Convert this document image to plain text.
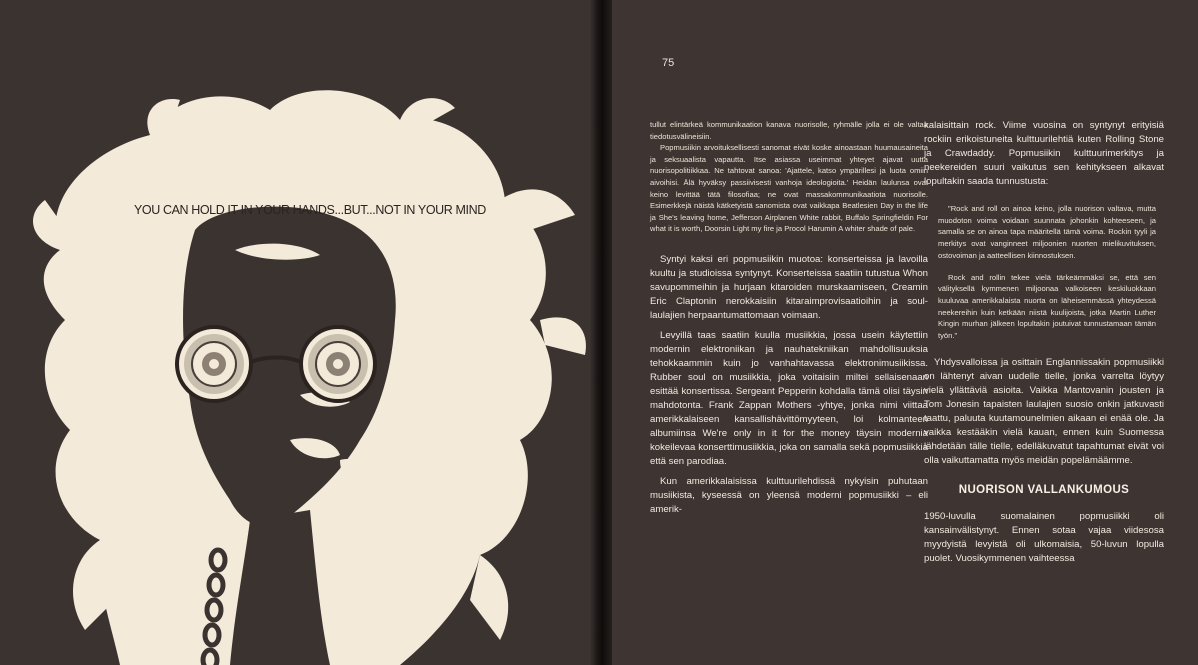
YOU CAN HOLD IT IN YOUR HANDS...BUT...NOT IN YOUR MIND
75

tullut elintärkeä kommunikaation kanava nuorisolle, ryhmälle jolla ei ole valtaa tiedotusvälineisiin.

Popmusiikin arvoituksellisesti sanomat eivät koske ainoastaan huumausaineita ja seksuaalista vapautta. Itse asiassa useimmat yhteyet ajavat uutta nuorisopolitiikkaa. Ne tahtovat sanoa: 'Ajattele, katso ympärillesi ja luota omiin aivoihisi. Älä hyväksy passiivisesti vanhoja ideologioita.' Heidän laulunsa ovat keino levittää tätä filosofiaa; ne ovat massakommunikaatiota nuorisolle. Esimerkkejä näistä kätketyistä sanomista ovat vaikkapa Beatlesien Day in the life ja She's leaving home, Jefferson Airplanen White rabbit, Buffalo Springfieldin For what it is worth, Doorsin Light my fire ja Procol Harumin A whiter shade of pale.

Syntyi kaksi eri popmusiikin muotoa: konserteissa ja lavoilla kuultu ja studioissa syntynyt. Konserteissa saatiin tutustua Whon savupommeihin ja hurjaan kitaroiden murskaamiseen, Creamin Eric Claptonin nerokkaisiin kitaraimprovisaatioihin ja soul-laulajien herpaantumattomaan voimaan.

Levyillä taas saatiin kuulla musiikkia, jossa usein käytettiin modernin elektroniikan ja nauhatekniikan mahdollisuuksia tehokkaammin kuin jo vanhahtavassa elektronimusiikissa. Rubber soul on musiikkia, joka voitaisiin miltei sellaisenaan esittää konsertissa. Sergeant Pepperin kohdalla tämä olisi täysin mahdotonta. Frank Zappan Mothers -yhtye, jonka nimi viittaa amerikkalaiseen kansallishävittömyyteen, loi kolmanteen albumiinsa We're only in it for the money täysin modernia kokeilevaa konserttimusiikkia, joka on samalla sekä popmusiikkia että sen parodiaa.

Kun amerikkalaisissa kulttuurilehdissä nykyisin puhutaan musiikista, kyseessä on yleensä moderni popmusiikki – eli amerik-

kalaisittain rock. Viime vuosina on syntynyt erityisiä rockiin erikoistuneita kulttuurilehtiä kuten Rolling Stone ja Crawdaddy. Popmusiikin kulttuurimerkitys ja neekereiden suuri vaikutus sen kehitykseen alkavat lopultakin saada tunnustusta:

"Rock and roll on ainoa keino, jolla nuorison valtava, mutta muodoton voima voidaan suunnata johonkin kohteeseen, ja samalla se on ainoa tapa määritellä tämä voima. Rockin tyyli ja merkitys ovat vanginneet miljoonien nuorten mielikuvituksen, ostovoiman ja aatteellisen kiinnostuksen.

Rock and rollin tekee vielä tärkeämmäksi se, että sen välityksellä kymmenen miljoonaa valkoiseen keskiluokkaan kuuluvaa amerikkalaista nuorta on läheisemmässä yhteydessä neekereihin kuin ketkään niistä kuulijoista, jotka Martin Luther Kingin murhan jälkeen lopultakin joutuivat tunnustamaan tämän työn."

Yhdysvalloissa ja osittain Englannissakin popmusiikki on lähtenyt aivan uudelle tielle, jonka varrelta löytyy vielä yllättäviä asioita. Vaikka Mantovanin jousten ja Tom Jonesin tapaisten laulajien suosio onkin jatkuvasti taattu, paluuta kuutamounelmien aikaan ei enää ole. Ja vaikka kestääkin vielä kauan, ennen kuin Suomessa lähdetään tälle tielle, edelläkuvatut tapahtumat eivät voi olla vaikuttamatta myös meidän popelämäämme.

NUORISON VALLANKUMOUS

1950-luvulla suomalainen popmusiikki oli kansainvälistynyt. Ennen sotaa vajaa viidesosa myydyistä levyistä oli ulkomaisia, 50-luvun lopulla puolet. Vuosikymmenen vaihteessa
